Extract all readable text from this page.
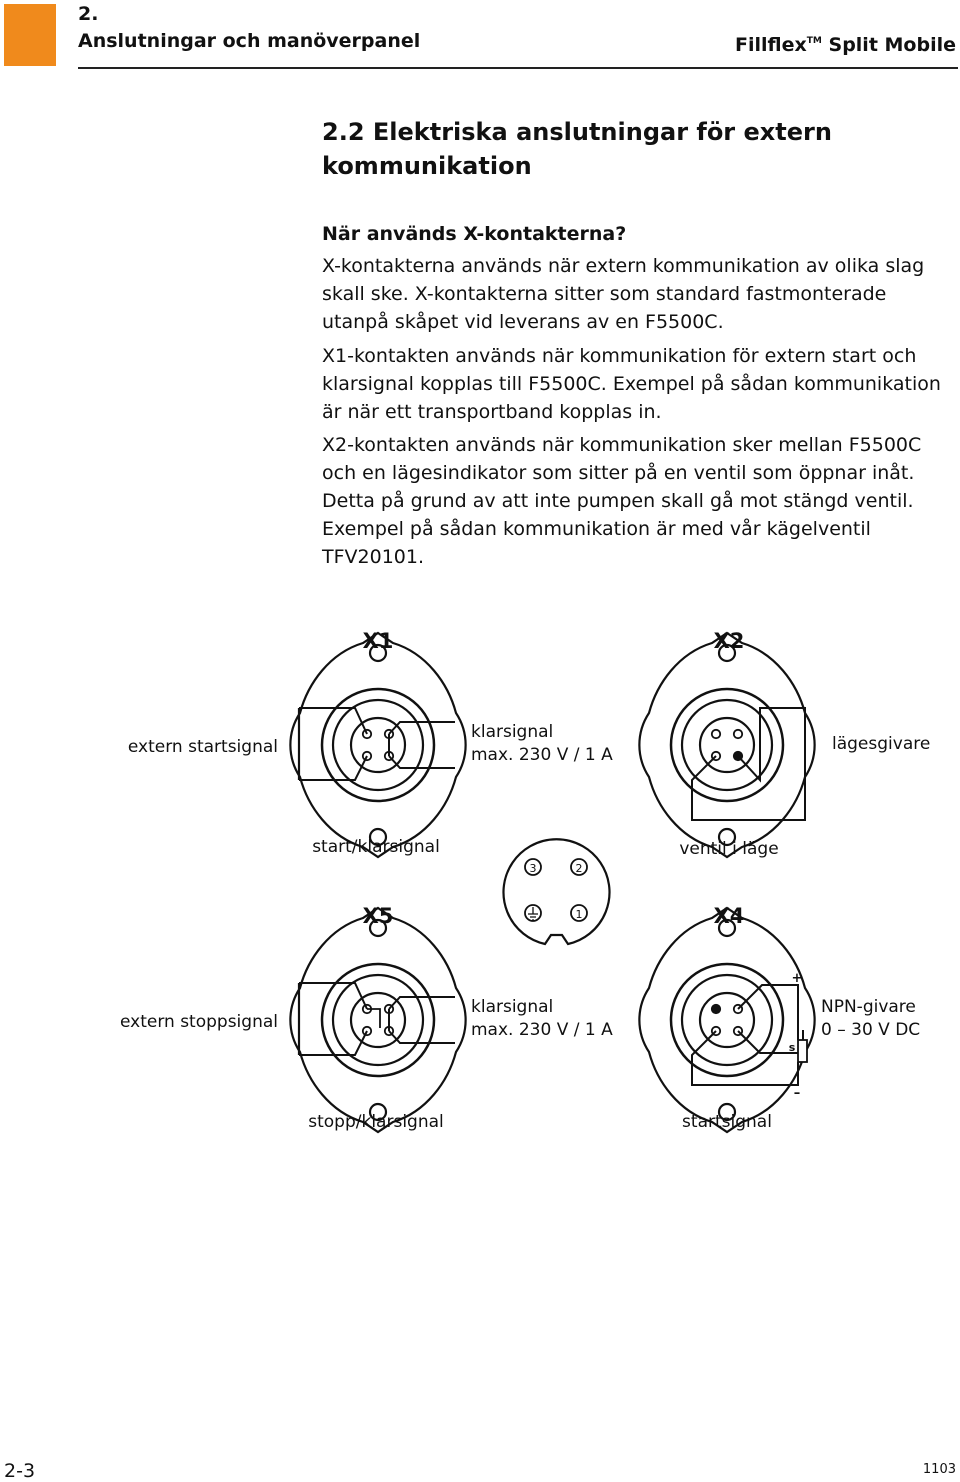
2.
Anslutningar och manöverpanel	Fillflex™ Split Mobile
2.2 Elektriska anslutningar för extern kommunikation
När används X-kontakterna?

X-kontakterna används när extern kommunikation av olika slag skall ske. X-kontakterna sitter som standard fastmonterade utanpå skåpet vid leverans av en F5500C.

X1-kontakten används när kommunikation för extern start och klarsignal kopplas till F5500C. Exempel på sådan kommunikation är när ett transportband kopplas in.

X2-kontakten används när kommunikation sker mellan F5500C och en lägesindikator som sitter på en ventil som öppnar inåt. Detta på grund av att inte pumpen skall gå mot stängd ventil. Exempel på sådan kommunikation är med vår kägelventil TFV20101.

3	2
1
X1	X2
X5	X4
extern startsignal
klarsignal
max. 230 V / 1 A
lägesgivare
start/klarsignal	ventil i läge
extern stoppsignal
klarsignal
max. 230 V / 1 A
NPN-givare
0 – 30 V DC
stopp/klarsignal	startsignal
+
–
s
2-3	1103
